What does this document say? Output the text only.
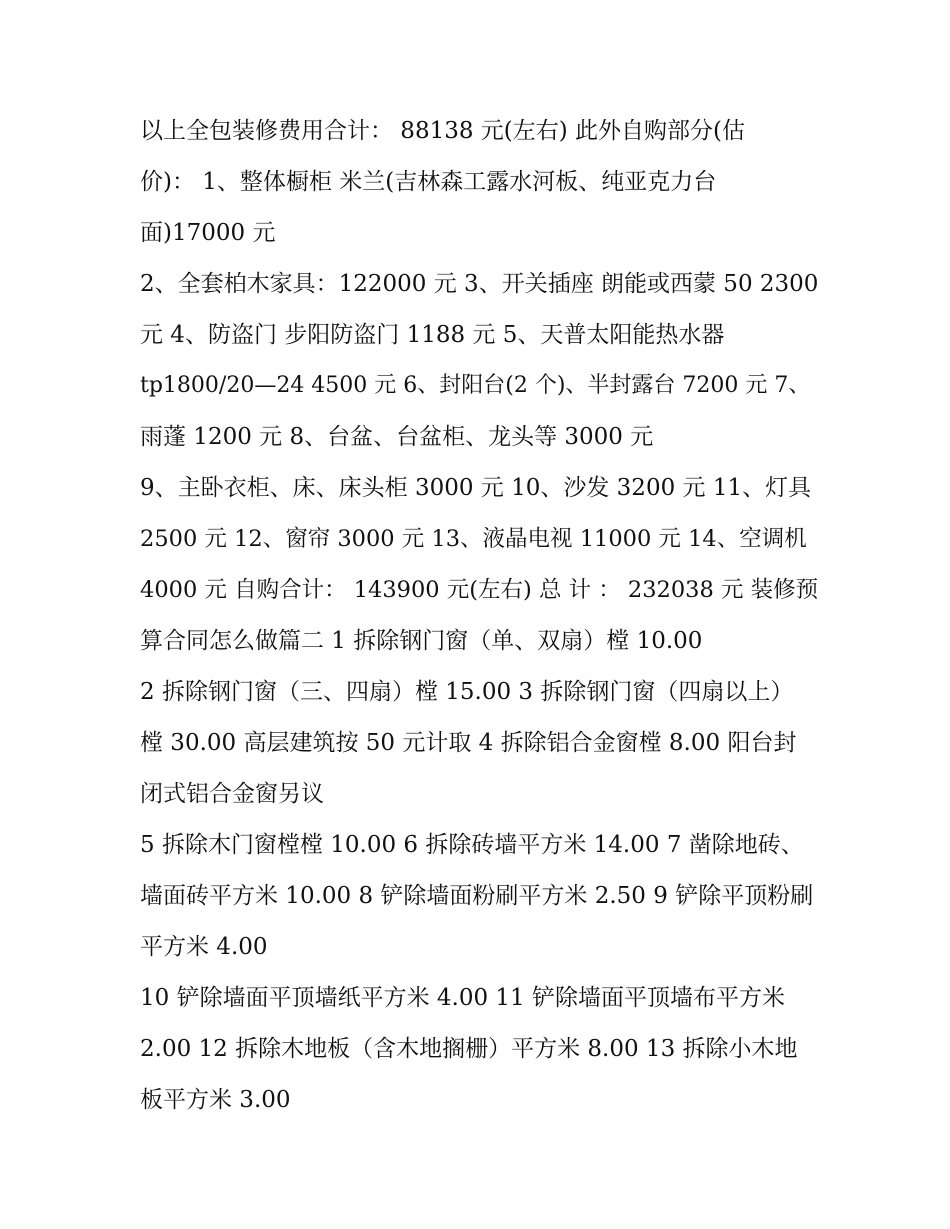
以上全包装修费用合计： 88138 元(左右) 此外自购部分(估
价)： 1、整体橱柜 米兰(吉林森工露水河板、纯亚克力台
面)17000 元
2、全套柏木家具：122000 元 3、开关插座 朗能或西蒙 50 2300
元 4、防盗门 步阳防盗门 1188 元 5、天普太阳能热水器
tp1800/20—24 4500 元 6、封阳台(2 个)、半封露台 7200 元 7、
雨蓬 1200 元 8、台盆、台盆柜、龙头等 3000 元
9、主卧衣柜、床、床头柜 3000 元 10、沙发 3200 元 11、灯具
2500 元 12、窗帘 3000 元 13、液晶电视 11000 元 14、空调机
4000 元 自购合计： 143900 元(左右) 总 计 ： 232038 元 装修预
算合同怎么做篇二 1 拆除钢门窗（单、双扇）樘 10.00
2 拆除钢门窗（三、四扇）樘 15.00 3 拆除钢门窗（四扇以上）
樘 30.00 高层建筑按 50 元计取 4 拆除铝合金窗樘 8.00 阳台封
闭式铝合金窗另议
5 拆除木门窗樘樘 10.00 6 拆除砖墙平方米 14.00 7 凿除地砖、
墙面砖平方米 10.00 8 铲除墙面粉刷平方米 2.50 9 铲除平顶粉刷
平方米 4.00
10 铲除墙面平顶墙纸平方米 4.00 11 铲除墙面平顶墙布平方米
2.00 12 拆除木地板（含木地搁栅）平方米 8.00 13 拆除小木地
板平方米 3.00
